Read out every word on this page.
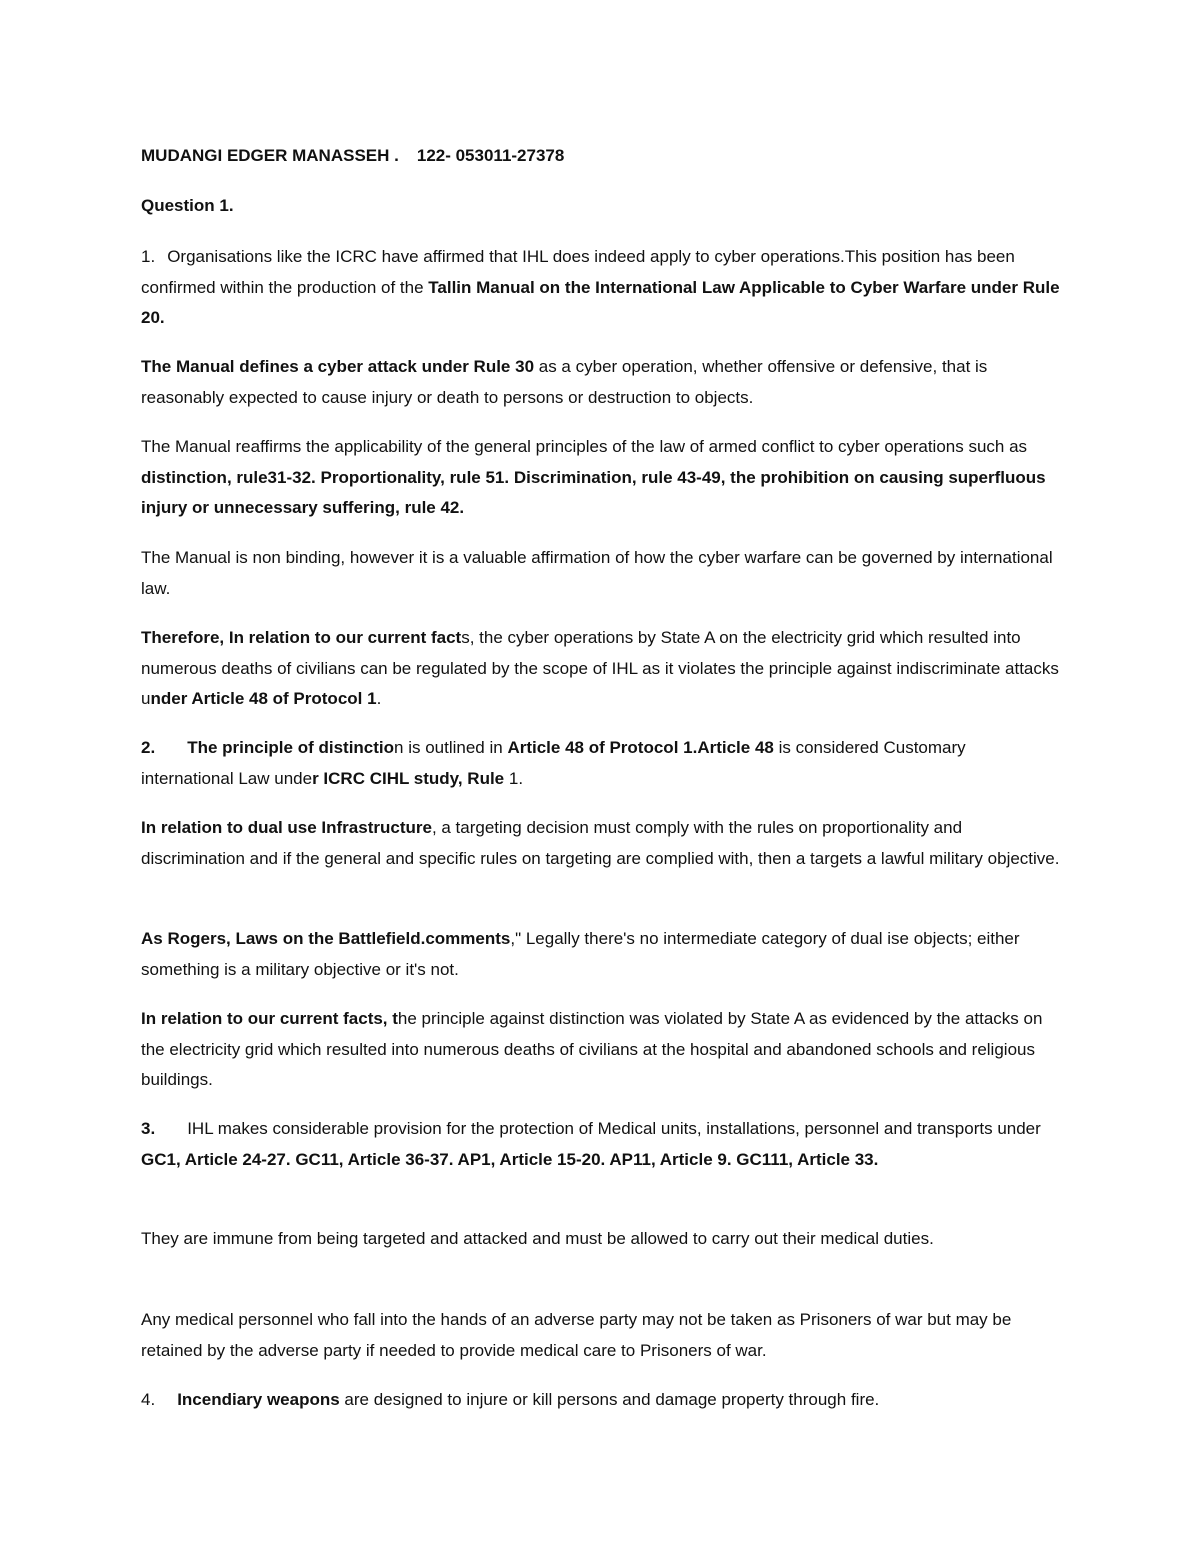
MUDANGI EDGER MANASSEH . 122- 053011-27378
Question 1.
1. Organisations like the ICRC have affirmed that IHL does indeed apply to cyber operations.This position has been confirmed within the production of the Tallin Manual on the International Law Applicable to Cyber Warfare under Rule 20.
The Manual defines a cyber attack under Rule 30 as a cyber operation, whether offensive or defensive, that is reasonably expected to cause injury or death to persons or destruction to objects.
The Manual reaffirms the applicability of the general principles of the law of armed conflict to cyber operations such as distinction, rule31-32. Proportionality, rule 51. Discrimination, rule 43-49, the prohibition on causing superfluous injury or unnecessary suffering, rule 42.
The Manual is non binding, however it is a valuable affirmation of how the cyber warfare can be governed by international law.
Therefore, In relation to our current facts, the cyber operations by State A on the electricity grid which resulted into numerous deaths of civilians can be regulated by the scope of IHL as it violates the principle against indiscriminate attacks under Article 48 of Protocol 1.
2. The principle of distinction is outlined in Article 48 of Protocol 1.Article 48 is considered Customary international Law under ICRC CIHL study, Rule 1.
In relation to dual use Infrastructure, a targeting decision must comply with the rules on proportionality and discrimination and if the general and specific rules on targeting are complied with, then a targets a lawful military objective.
As Rogers, Laws on the Battlefield.comments," Legally there's no intermediate category of dual ise objects; either something is a military objective or it's not.
In relation to our current facts, the principle against distinction was violated by State A as evidenced by the attacks on the electricity grid which resulted into numerous deaths of civilians at the hospital and abandoned schools and religious buildings.
3. IHL makes considerable provision for the protection of Medical units, installations, personnel and transports under GC1, Article 24-27. GC11, Article 36-37. AP1, Article 15-20. AP11, Article 9. GC111, Article 33.
They are immune from being targeted and attacked and must be allowed to carry out their medical duties.
Any medical personnel who fall into the hands of an adverse party may not be taken as Prisoners of war but may be retained by the adverse party if needed to provide medical care to Prisoners of war.
4. Incendiary weapons are designed to injure or kill persons and damage property through fire.
